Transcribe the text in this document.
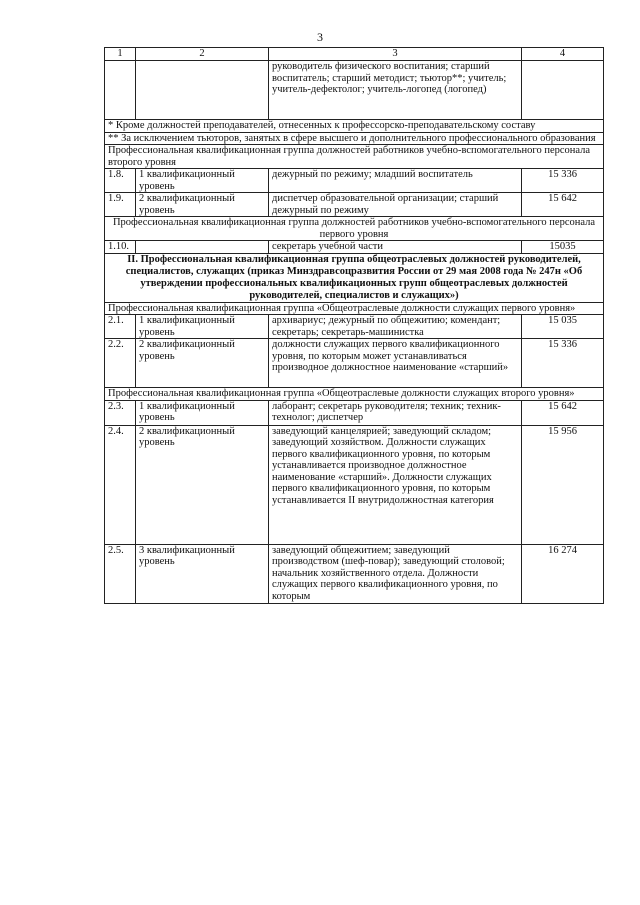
3
1	2	3	4
		руководитель физического воспитания; старший воспитатель; старший методист; тьютор**; учитель; учитель-дефектолог; учитель-логопед (логопед)	
* Кроме должностей преподавателей, отнесенных к профессорско-преподавательскому составу			
** За исключением тьюторов, занятых в сфере высшего и дополнительного профессионального образования			
Профессиональная квалификационная группа должностей работников учебно-вспомогательного персонала второго уровня			
1.8.	1 квалификационный уровень	дежурный по режиму; младший воспитатель	15 336
1.9.	2 квалификационный уровень	диспетчер образовательной организации; старший дежурный по режиму	15 642
Профессиональная квалификационная группа должностей работников учебно-вспомогательного персонала первого уровня			
1.10.		секретарь учебной части	15035
II. Профессиональная квалификационная группа общеотраслевых должностей руководителей, специалистов, служащих (приказ Минздравсоцразвития России от 29 мая 2008 года № 247н «Об утверждении профессиональных квалификационных групп общеотраслевых должностей руководителей, специалистов и служащих»)			
Профессиональная квалификационная группа «Общеотраслевые должности служащих первого уровня»			
2.1.	1 квалификационный уровень	архивариус; дежурный по общежитию; комендант; секретарь; секретарь-машинистка	15 035
2.2.	2 квалификационный уровень	должности служащих первого квалификационного уровня, по которым может устанавливаться производное должностное наименование «старший»	15 336
Профессиональная квалификационная группа «Общеотраслевые должности служащих второго уровня»			
2.3.	1 квалификационный уровень	лаборант; секретарь руководителя; техник; техник-технолог; диспетчер	15 642
2.4.	2 квалификационный уровень	заведующий канцелярией; заведующий складом; заведующий хозяйством. Должности служащих первого квалификационного уровня, по которым устанавливается производное должностное наименование «старший». Должности служащих первого квалификационного уровня, по которым устанавливается II внутридолжностная категория	15 956
2.5.	3 квалификационный уровень	заведующий общежитием; заведующий производством (шеф-повар); заведующий столовой; начальник хозяйственного отдела. Должности служащих первого квалификационного уровня, по которым	16 274
